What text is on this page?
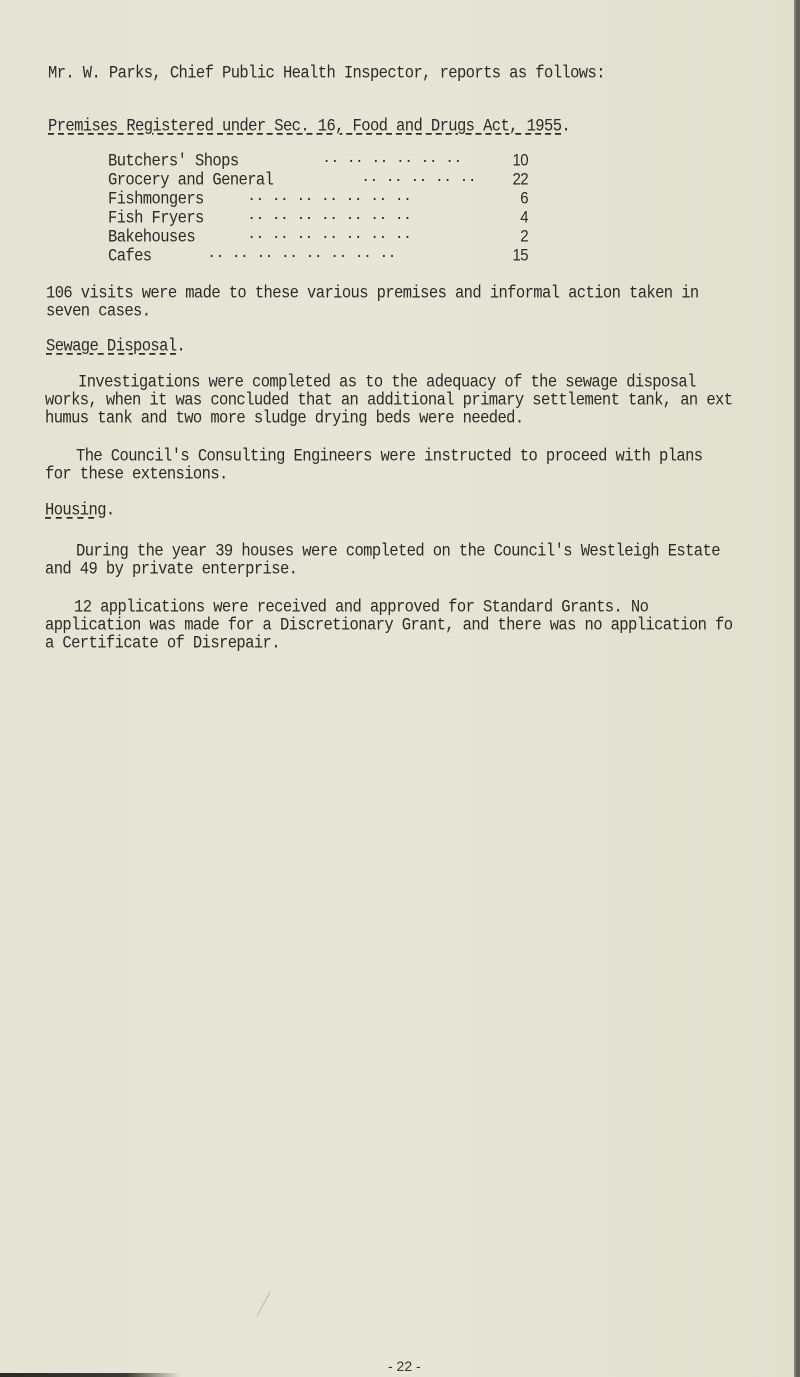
Mr. W. Parks, Chief Public Health Inspector, reports as follows:
Premises Registered under Sec. 16, Food and Drugs Act, 1955.
Butchers' Shops	.. .. .. .. .. ..	10
Grocery and General	.. .. .. .. ..	22
Fishmongers	.. .. .. .. .. .. ..	6
Fish Fryers	.. .. .. .. .. .. ..	4
Bakehouses	.. .. .. .. .. .. ..	2
Cafes	.. .. .. .. .. .. .. ..	15
106 visits were made to these various premises and informal action taken in
seven cases.
Sewage Disposal.
Investigations were completed as to the adequacy of the sewage disposal
works, when it was concluded that an additional primary settlement tank, an ext
humus tank and two more sludge drying beds were needed.
The Council's Consulting Engineers were instructed to proceed with plans
for these extensions.
Housing.
During the year 39 houses were completed on the Council's Westleigh Estate
and 49 by private enterprise.
12 applications were received and approved for Standard Grants. No
application was made for a Discretionary Grant, and there was no application fo
a Certificate of Disrepair.
- 22 -
